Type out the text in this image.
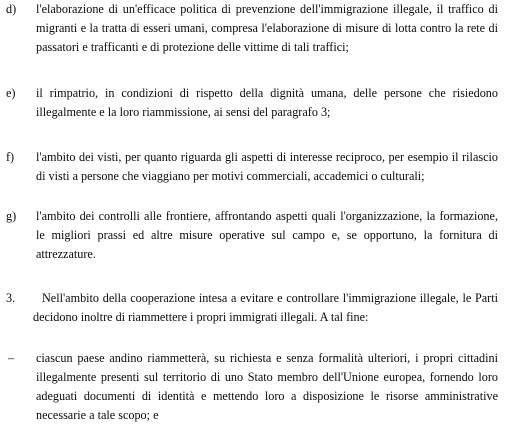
d) l'elaborazione di un'efficace politica di prevenzione dell'immigrazione illegale, il traffico di
migranti e la tratta di esseri umani, compresa l'elaborazione di misure di lotta contro la rete di
passatori e trafficanti e di protezione delle vittime di tali traffici;
e) il rimpatrio, in condizioni di rispetto della dignità umana, delle persone che risiedono
illegalmente e la loro riammissione, ai sensi del paragrafo 3;
f) l'ambito dei visti, per quanto riguarda gli aspetti di interesse reciproco, per esempio il rilascio
di visti a persone che viaggiano per motivi commerciali, accademici o culturali;
g) l'ambito dei controlli alle frontiere, affrontando aspetti quali l'organizzazione, la formazione,
le migliori prassi ed altre misure operative sul campo e, se opportuno, la fornitura di
attrezzature.
3.	Nell'ambito della cooperazione intesa a evitare e controllare l'immigrazione illegale, le Parti
decidono inoltre di riammettere i propri immigrati illegali. A tal fine:
– ciascun paese andino riammetterà, su richiesta e senza formalità ulteriori, i propri cittadini
illegalmente presenti sul territorio di uno Stato membro dell'Unione europea, fornendo loro
adeguati documenti di identità e mettendo loro a disposizione le risorse amministrative
necessarie a tale scopo; e
